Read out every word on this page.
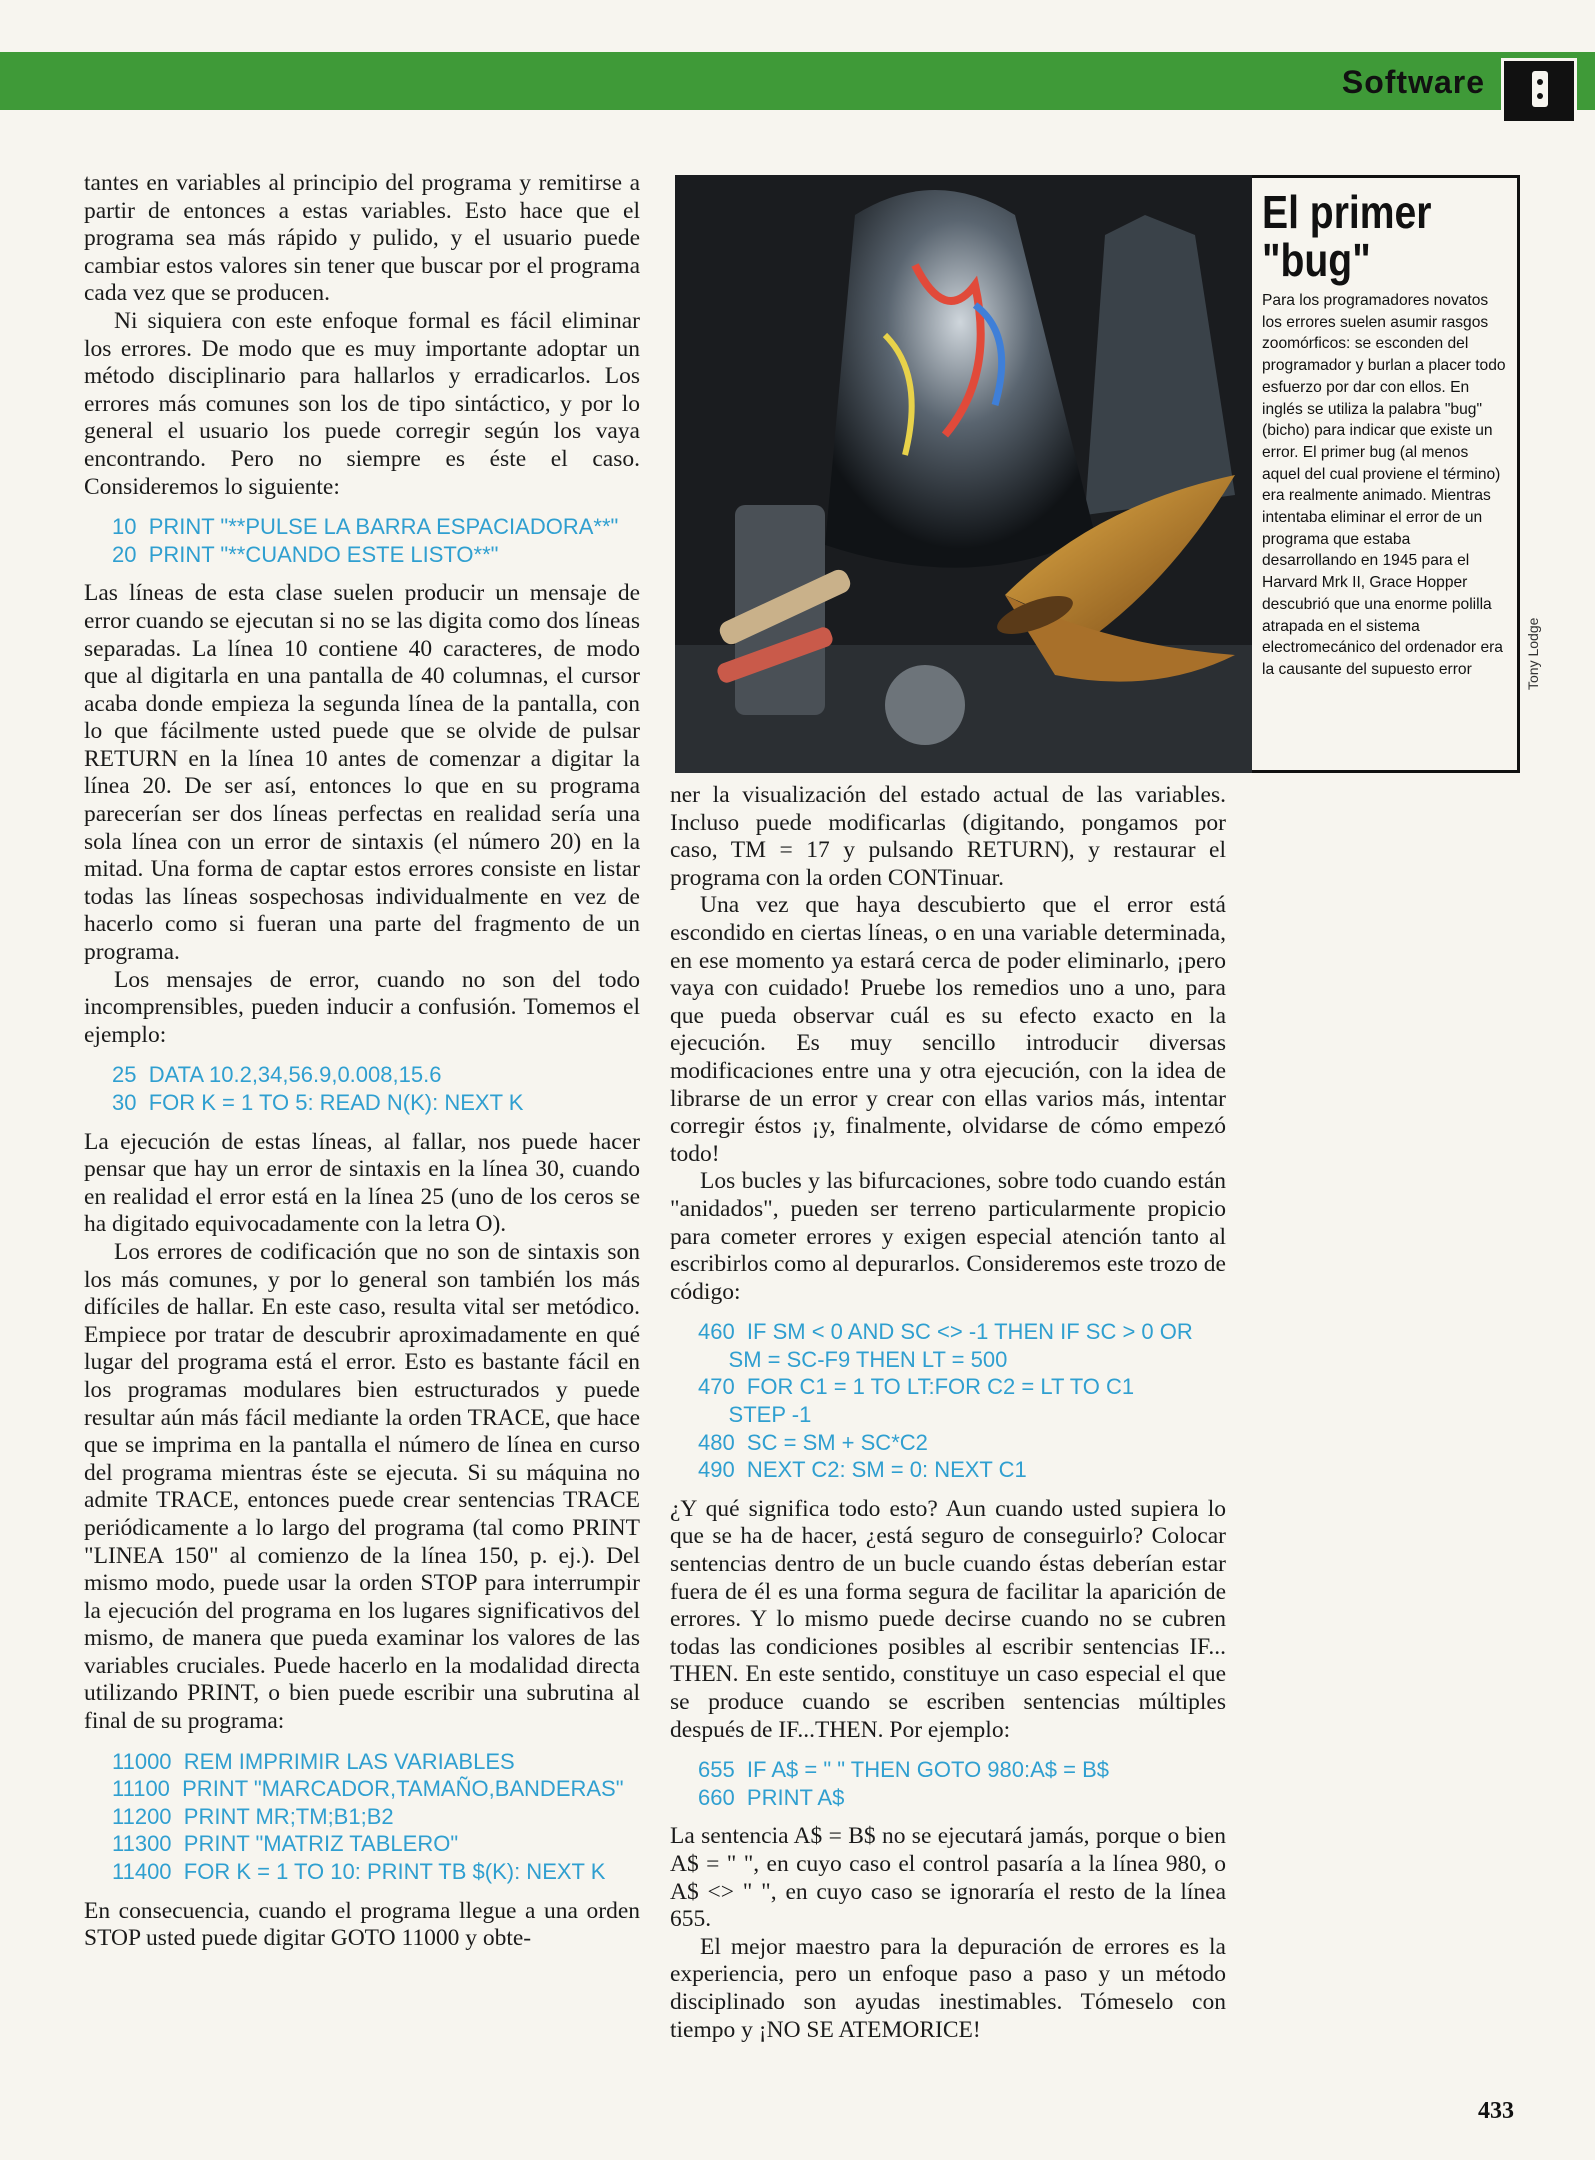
Software

tantes en variables al principio del programa y remitirse a partir de entonces a estas variables. Esto hace que el programa sea más rápido y pulido, y el usuario puede cambiar estos valores sin tener que buscar por el programa cada vez que se producen.

Ni siquiera con este enfoque formal es fácil eliminar los errores. De modo que es muy importante adoptar un método disciplinario para hallarlos y erradicarlos. Los errores más comunes son los de tipo sintáctico, y por lo general el usuario los puede corregir según los vaya encontrando. Pero no siempre es éste el caso. Consideremos lo siguiente:

10  PRINT "**PULSE LA BARRA ESPACIADORA**"
20  PRINT "**CUANDO ESTE LISTO**"

Las líneas de esta clase suelen producir un mensaje de error cuando se ejecutan si no se las digita como dos líneas separadas. La línea 10 contiene 40 caracteres, de modo que al digitarla en una pantalla de 40 columnas, el cursor acaba donde empieza la segunda línea de la pantalla, con lo que fácilmente usted puede que se olvide de pulsar RETURN en la línea 10 antes de comenzar a digitar la línea 20. De ser así, entonces lo que en su programa parecerían ser dos líneas perfectas en realidad sería una sola línea con un error de sintaxis (el número 20) en la mitad. Una forma de captar estos errores consiste en listar todas las líneas sospechosas individualmente en vez de hacerlo como si fueran una parte del fragmento de un programa.

Los mensajes de error, cuando no son del todo incomprensibles, pueden inducir a confusión. Tomemos el ejemplo:

25  DATA 10.2,34,56.9,0.008,15.6
30  FOR K = 1 TO 5: READ N(K): NEXT K

La ejecución de estas líneas, al fallar, nos puede hacer pensar que hay un error de sintaxis en la línea 30, cuando en realidad el error está en la línea 25 (uno de los ceros se ha digitado equivocadamente con la letra O).

Los errores de codificación que no son de sintaxis son los más comunes, y por lo general son también los más difíciles de hallar. En este caso, resulta vital ser metódico. Empiece por tratar de descubrir aproximadamente en qué lugar del programa está el error. Esto es bastante fácil en los programas modulares bien estructurados y puede resultar aún más fácil mediante la orden TRACE, que hace que se imprima en la pantalla el número de línea en curso del programa mientras éste se ejecuta. Si su máquina no admite TRACE, entonces puede crear sentencias TRACE periódicamente a lo largo del programa (tal como PRINT "LINEA 150" al comienzo de la línea 150, p. ej.). Del mismo modo, puede usar la orden STOP para interrumpir la ejecución del programa en los lugares significativos del mismo, de manera que pueda examinar los valores de las variables cruciales. Puede hacerlo en la modalidad directa utilizando PRINT, o bien puede escribir una subrutina al final de su programa:

11000  REM IMPRIMIR LAS VARIABLES
11100  PRINT "MARCADOR,TAMAÑO,BANDERAS"
11200  PRINT MR;TM;B1;B2
11300  PRINT "MATRIZ TABLERO"
11400  FOR K = 1 TO 10: PRINT TB $(K): NEXT K

En consecuencia, cuando el programa llegue a una orden STOP usted puede digitar GOTO 11000 y obte-

El primer
"bug"

Para los programadores novatos los errores suelen asumir rasgos zoomórficos: se esconden del programador y burlan a placer todo esfuerzo por dar con ellos. En inglés se utiliza la palabra "bug" (bicho) para indicar que existe un error. El primer bug (al menos aquel del cual proviene el término) era realmente animado. Mientras intentaba eliminar el error de un programa que estaba desarrollando en 1945 para el Harvard Mrk II, Grace Hopper descubrió que una enorme polilla atrapada en el sistema electromecánico del ordenador era la causante del supuesto error	Tony Lodge

ner la visualización del estado actual de las variables. Incluso puede modificarlas (digitando, pongamos por caso, TM = 17 y pulsando RETURN), y restaurar el programa con la orden CONTinuar.

Una vez que haya descubierto que el error está escondido en ciertas líneas, o en una variable determinada, en ese momento ya estará cerca de poder eliminarlo, ¡pero vaya con cuidado! Pruebe los remedios uno a uno, para que pueda observar cuál es su efecto exacto en la ejecución. Es muy sencillo introducir diversas modificaciones entre una y otra ejecución, con la idea de librarse de un error y crear con ellas varios más, intentar corregir éstos ¡y, finalmente, olvidarse de cómo empezó todo!

Los bucles y las bifurcaciones, sobre todo cuando están "anidados", pueden ser terreno particularmente propicio para cometer errores y exigen especial atención tanto al escribirlos como al depurarlos. Consideremos este trozo de código:

460  IF SM < 0 AND SC <> -1 THEN IF SC > 0 OR
SM = SC-F9 THEN LT = 500
470  FOR C1 = 1 TO LT:FOR C2 = LT TO C1
STEP -1
480  SC = SM + SC*C2
490  NEXT C2: SM = 0: NEXT C1

¿Y qué significa todo esto? Aun cuando usted supiera lo que se ha de hacer, ¿está seguro de conseguirlo? Colocar sentencias dentro de un bucle cuando éstas deberían estar fuera de él es una forma segura de facilitar la aparición de errores. Y lo mismo puede decirse cuando no se cubren todas las condiciones posibles al escribir sentencias IF... THEN. En este sentido, constituye un caso especial el que se produce cuando se escriben sentencias múltiples después de IF...THEN. Por ejemplo:

655  IF A$ = " " THEN GOTO 980:A$ = B$
660  PRINT A$

La sentencia A$ = B$ no se ejecutará jamás, porque o bien A$ = " ", en cuyo caso el control pasaría a la línea 980, o A$ <> " ", en cuyo caso se ignoraría el resto de la línea 655.

El mejor maestro para la depuración de errores es la experiencia, pero un enfoque paso a paso y un método disciplinado son ayudas inestimables. Tómeselo con tiempo y ¡NO SE ATEMORICE!

433
